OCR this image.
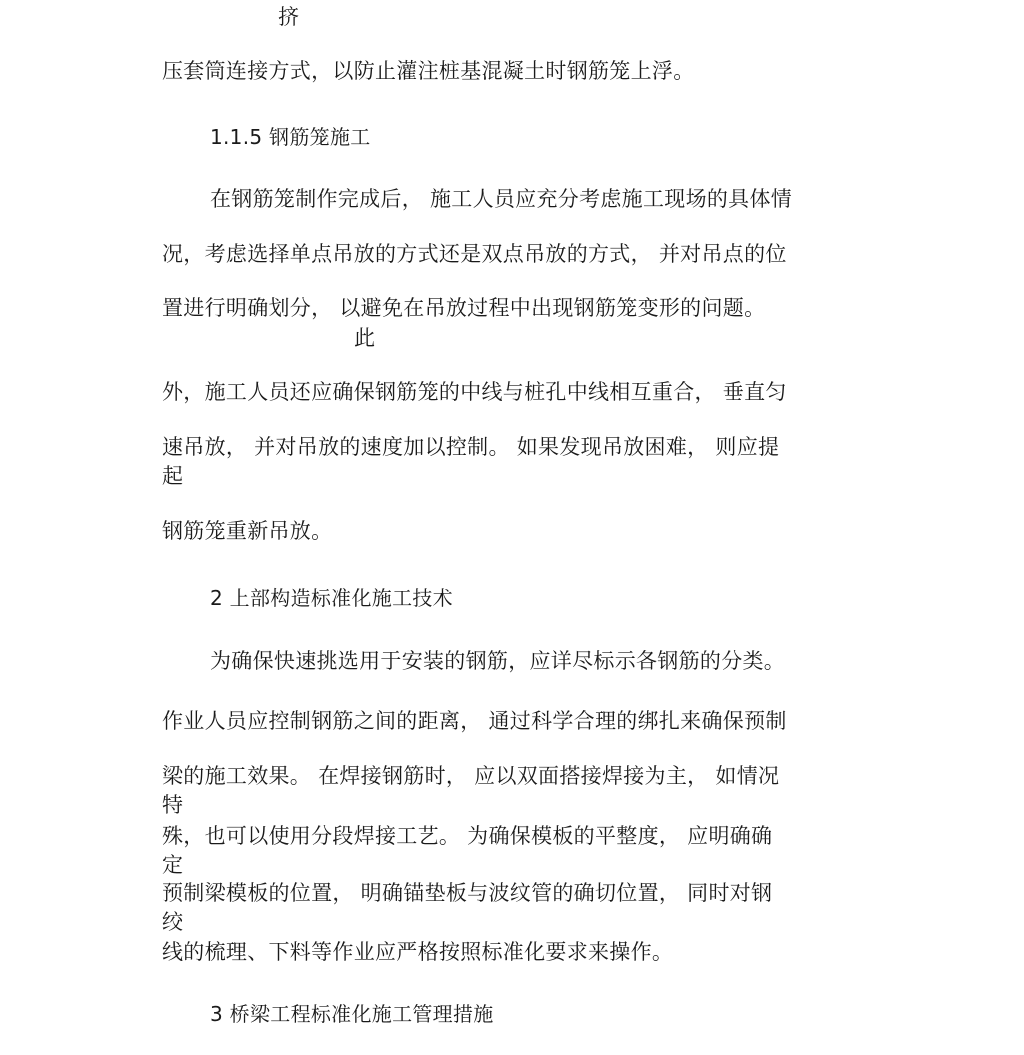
挤
压套筒连接方式，以防止灌注桩基混凝土时钢筋笼上浮。
1.1.5 钢筋笼施工
在钢筋笼制作完成后， 施工人员应充分考虑施工现场的具体情
况，考虑选择单点吊放的方式还是双点吊放的方式， 并对吊点的位
置进行明确划分， 以避免在吊放过程中出现钢筋笼变形的问题。
此
外，施工人员还应确保钢筋笼的中线与桩孔中线相互重合， 垂直匀
速吊放， 并对吊放的速度加以控制。 如果发现吊放困难， 则应提
起
钢筋笼重新吊放。
2 上部构造标准化施工技术
为确保快速挑选用于安装的钢筋，应详尽标示各钢筋的分类。
作业人员应控制钢筋之间的距离， 通过科学合理的绑扎来确保预制
梁的施工效果。 在焊接钢筋时， 应以双面搭接焊接为主， 如情况
特
殊，也可以使用分段焊接工艺。 为确保模板的平整度， 应明确确
定
预制梁模板的位置， 明确锚垫板与波纹管的确切位置， 同时对钢
绞
线的梳理、下料等作业应严格按照标准化要求来操作。
3 桥梁工程标准化施工管理措施
